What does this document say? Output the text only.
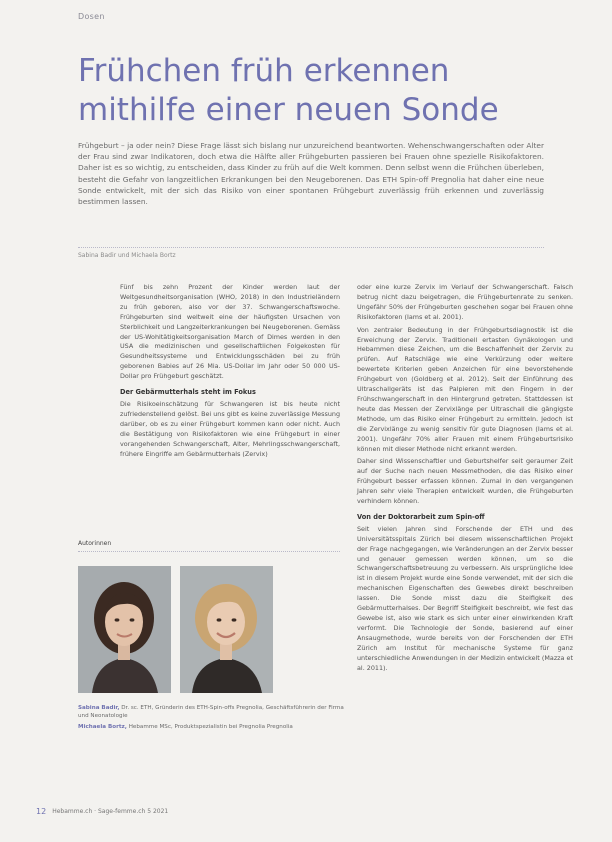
Dosen
Frühchen früh erkennen
mithilfe einer neuen Sonde

Frühgeburt – ja oder nein? Diese Frage lässt sich bislang nur unzureichend beantworten. Wehenschwangerschaften oder Alter der Frau sind zwar Indikatoren, doch etwa die Hälfte aller Frühgeburten passieren bei Frauen ohne spezielle Risikofaktoren. Daher ist es so wichtig, zu entscheiden, dass Kinder zu früh auf die Welt kommen. Denn selbst wenn die Frühchen überleben, besteht die Gefahr von langzeitlichen Erkrankungen bei den Neugeborenen. Das ETH Spin-off Pregnolia hat daher eine neue Sonde entwickelt, mit der sich das Risiko von einer spontanen Frühgeburt zuverlässig früh erkennen und zuverlässig bestimmen lassen.

Sabina Badir und Michaela Bortz

Fünf bis zehn Prozent der Kinder werden laut der Weltgesundheitsorganisation (WHO, 2018) in den Industrieländern zu früh geboren, also vor der 37. Schwangerschaftswoche. Frühgeburten sind weltweit eine der häufigsten Ursachen von Sterblichkeit und Langzeiterkrankungen bei Neugeborenen. Gemäss der US-Wohltätigkeitsorganisation March of Dimes werden in den USA die medizinischen und gesellschaftlichen Folgekosten für Gesundheitssysteme und Entwicklungsschäden bei zu früh geborenen Babies auf 26 Mia. US-Dollar im Jahr oder 50 000 US-Dollar pro Frühgeburt geschätzt.

Der Gebärmutterhals steht im Fokus

Die Risikoeinschätzung für Schwangeren ist bis heute nicht zufriedenstellend gelöst. Bei uns gibt es keine zuverlässige Messung darüber, ob es zu einer Frühgeburt kommen kann oder nicht. Auch die Bestätigung von Risikofaktoren wie eine Frühgeburt in einer vorangehenden Schwangerschaft, Alter, Mehrlingsschwangerschaft, frühere Eingriffe am Gebärmutterhals (Zervix)

oder eine kurze Zervix im Verlauf der Schwangerschaft. Falsch betrug nicht dazu beigetragen, die Frühgeburtenrate zu senken. Ungefähr 50% der Frühgeburten geschehen sogar bei Frauen ohne Risikofaktoren (Iams et al. 2001).

Von zentraler Bedeutung in der Frühgeburtsdiagnostik ist die Erweichung der Zervix. Traditionell ertasten Gynäkologen und Hebammen diese Zeichen, um die Beschaffenheit der Zervix zu prüfen. Auf Ratschläge wie eine Verkürzung oder weitere bewertete Kriterien geben Anzeichen für eine bevorstehende Frühgeburt von (Goldberg et al. 2012). Seit der Einführung des Ultraschallgeräts ist das Palpieren mit den Fingern in der Frühschwangerschaft in den Hintergrund getreten. Stattdessen ist heute das Messen der Zervixlänge per Ultraschall die gängigste Methode, um das Risiko einer Frühgeburt zu ermitteln. Jedoch ist die Zervixlänge zu wenig sensitiv für gute Diagnosen (Iams et al. 2001). Ungefähr 70% aller Frauen mit einem Frühgeburtsrisiko können mit dieser Methode nicht erkannt werden.

Daher sind Wissenschaftler und Geburtshelfer seit geraumer Zeit auf der Suche nach neuen Messmethoden, die das Risiko einer Frühgeburt besser erfassen können. Zumal in den vergangenen Jahren sehr viele Therapien entwickelt wurden, die Frühgeburten verhindern können.

Von der Doktorarbeit zum Spin-off

Seit vielen Jahren sind Forschende der ETH und des Universitätsspitals Zürich bei diesem wissenschaftlichen Projekt der Frage nachgegangen, wie Veränderungen an der Zervix besser und genauer gemessen werden können, um so die Schwangerschaftsbetreuung zu verbessern. Als ursprüngliche Idee ist in diesem Projekt wurde eine Sonde verwendet, mit der sich die mechanischen Eigenschaften des Gewebes direkt beschreiben lassen. Die Sonde misst dazu die Steifigkeit des Gebärmutterhalses. Der Begriff Steifigkeit beschreibt, wie fest das Gewebe ist, also wie stark es sich unter einer einwirkenden Kraft verformt. Die Technologie der Sonde, basierend auf einer Ansaugmethode, wurde bereits von der Forschenden der ETH Zürich am Institut für mechanische Systeme für ganz unterschiedliche Anwendungen in der Medizin entwickelt (Mazza et al. 2011).

Autorinnen
Sabina Badir, Dr. sc. ETH, Gründerin des ETH-Spin-offs Pregnolia, Geschäftsführerin der Firma und Neonatologie
Michaela Bortz, Hebamme MSc, Produktspezialistin bei Pregnolia Pregnolia
12 Hebamme.ch · Sage-femme.ch 5 2021
